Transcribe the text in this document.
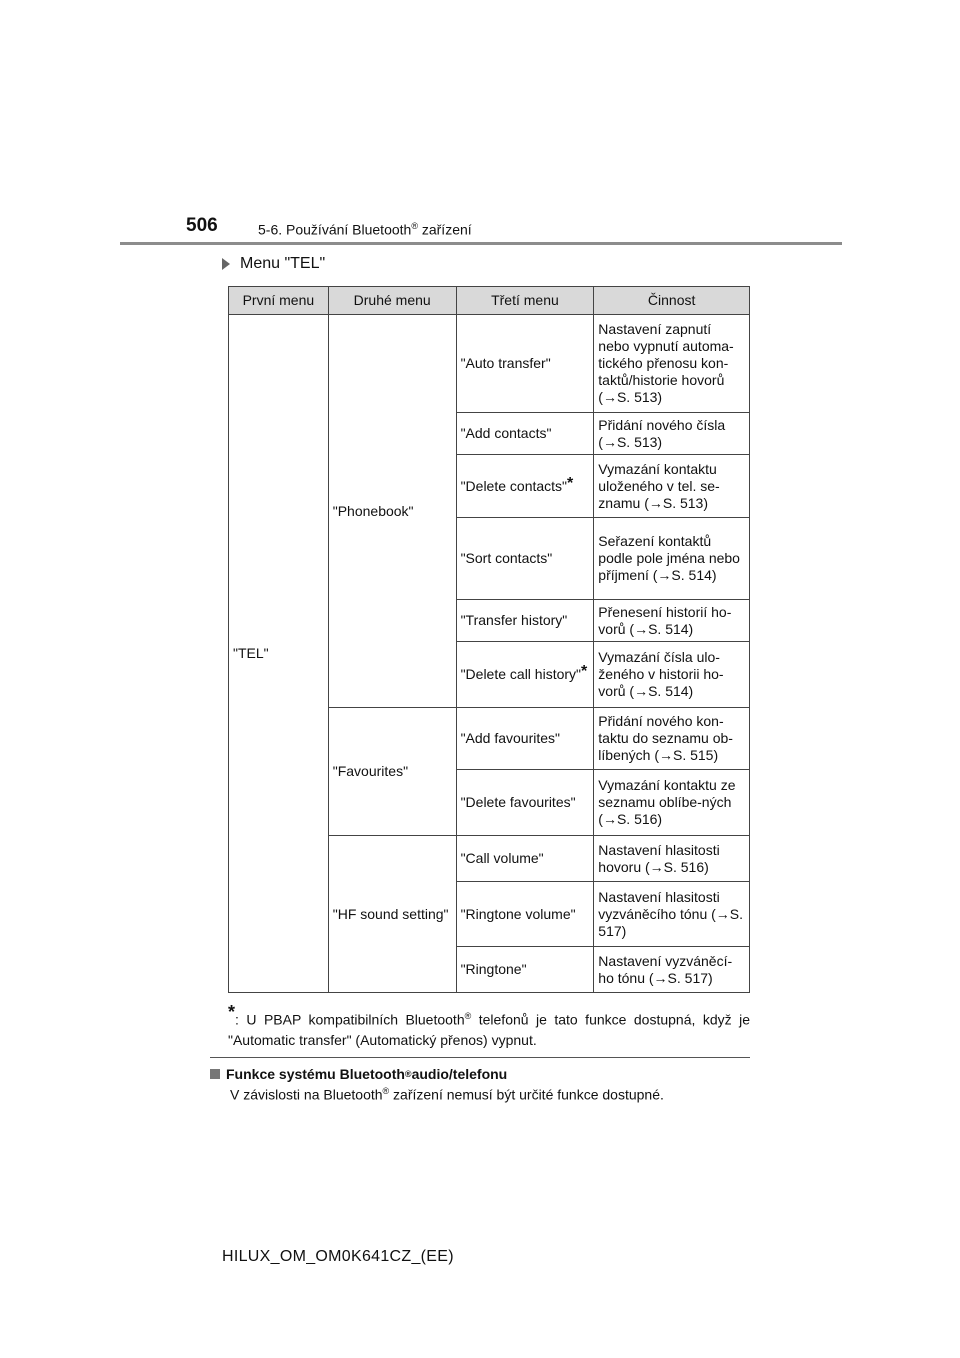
506	5-6. Používání Bluetooth® zařízení
Menu "TEL"
První menu	Druhé menu	Třetí menu	Činnost
"TEL"	"Phonebook"	"Auto transfer"	Nastavení zapnutí nebo vypnutí automa-tického přenosu kon-taktů/historie hovorů (→S. 513)
		"Add contacts"	Přidání nového čísla (→S. 513)
		"Delete contacts"*	Vymazání kontaktu uloženého v tel. se-znamu (→S. 513)
		"Sort contacts"	Seřazení kontaktů podle pole jména nebo příjmení (→S. 514)
		"Transfer history"	Přenesení historií ho-vorů (→S. 514)
		"Delete call history"*	Vymazání čísla ulo-ženého v historii ho-vorů (→S. 514)
	"Favourites"	"Add favourites"	Přidání nového kon-taktu do seznamu ob-líbených (→S. 515)
		"Delete favourites"	Vymazání kontaktu ze seznamu oblíbe-ných (→S. 516)
	"HF sound setting"	"Call volume"	Nastavení hlasitosti hovoru (→S. 516)
		"Ringtone volume"	Nastavení hlasitosti vyzváněcího tónu (→S. 517)
		"Ringtone"	Nastavení vyzváněcí-ho tónu (→S. 517)
*: U PBAP kompatibilních Bluetooth® telefonů je tato funkce dostupná, když je "Automatic transfer" (Automatický přenos) vypnut.
Funkce systému Bluetooth ® audio/telefonu
V závislosti na Bluetooth® zařízení nemusí být určité funkce dostupné.
HILUX_OM_OM0K641CZ_(EE)
